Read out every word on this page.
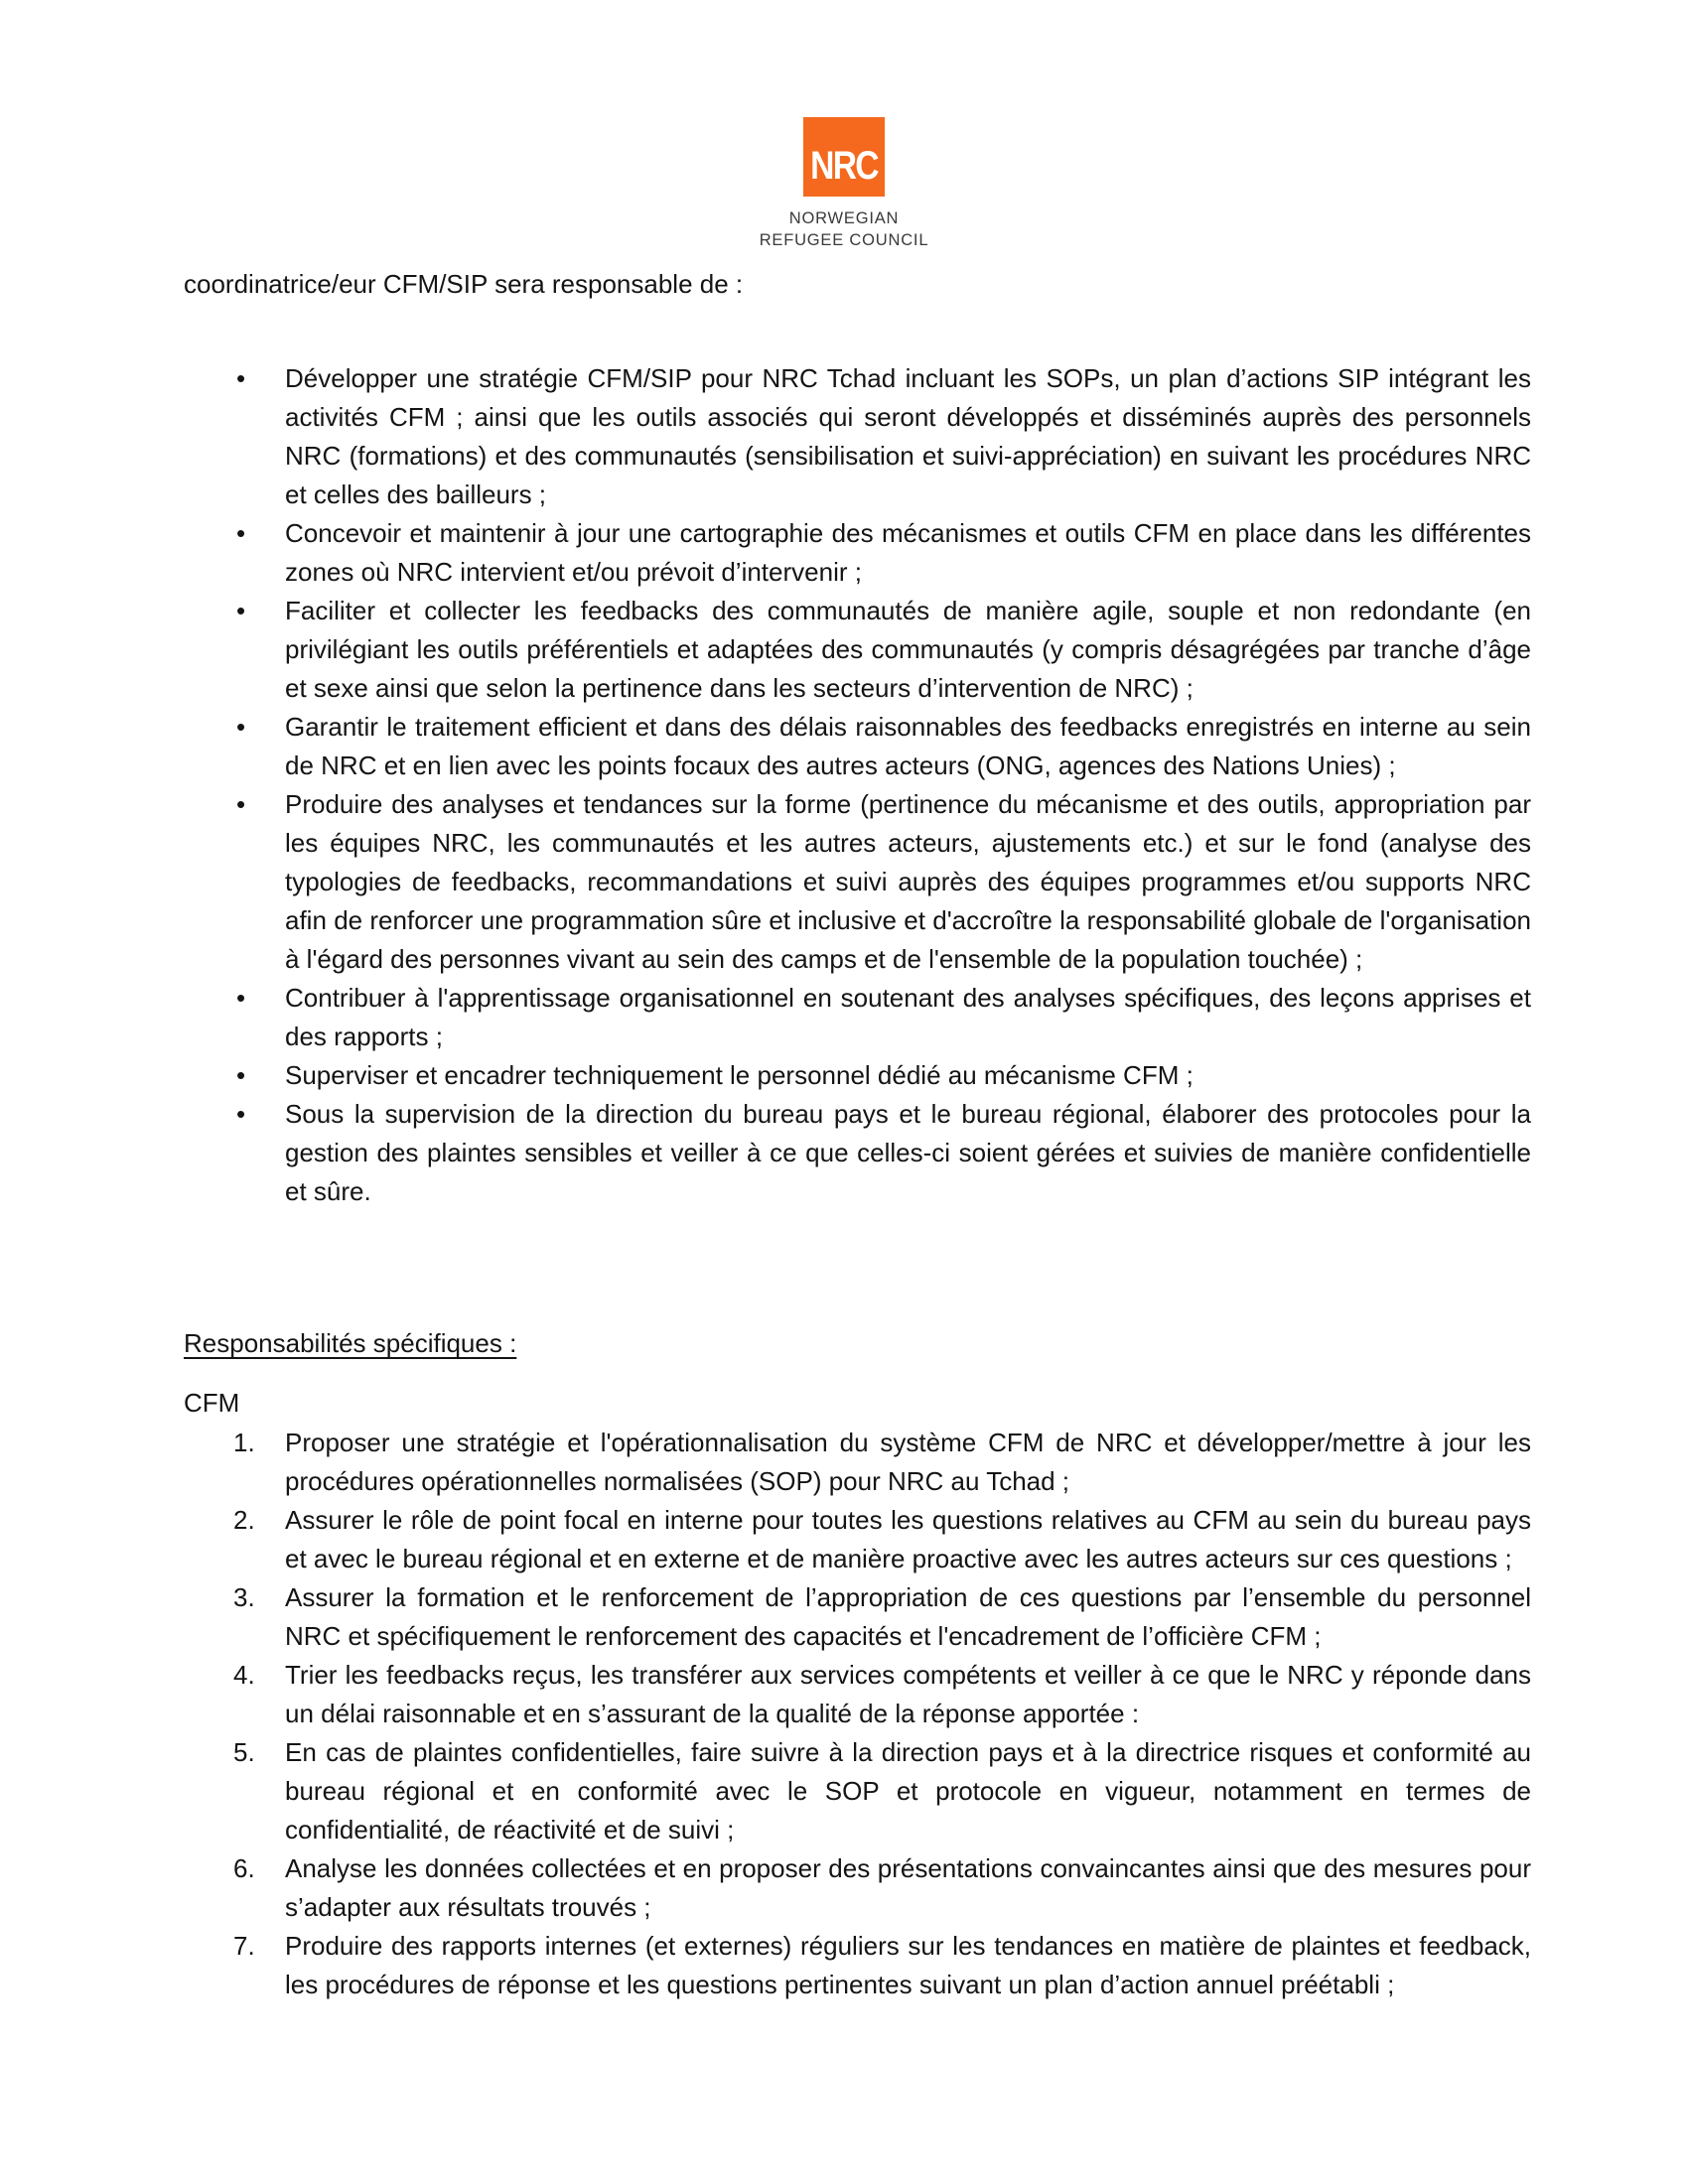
NRC
NORWEGIAN
REFUGEE COUNCIL

coordinatrice/eur CFM/SIP sera responsable de :

• Développer une stratégie CFM/SIP pour NRC Tchad incluant les SOPs, un plan d’actions SIP intégrant les activités CFM ; ainsi que les outils associés qui seront développés et disséminés auprès des personnels NRC (formations) et des communautés (sensibilisation et suivi-appréciation) en suivant les procédures NRC et celles des bailleurs ;
• Concevoir et maintenir à jour une cartographie des mécanismes et outils CFM en place dans les différentes zones où NRC intervient et/ou prévoit d’intervenir ;
• Faciliter et collecter les feedbacks des communautés de manière agile, souple et non redondante (en privilégiant les outils préférentiels et adaptées des communautés (y compris désagrégées par tranche d’âge et sexe ainsi que selon la pertinence dans les secteurs d’intervention de NRC) ;
• Garantir le traitement efficient et dans des délais raisonnables des feedbacks enregistrés en interne au sein de NRC et en lien avec les points focaux des autres acteurs (ONG, agences des Nations Unies) ;
• Produire des analyses et tendances sur la forme (pertinence du mécanisme et des outils, appropriation par les équipes NRC, les communautés et les autres acteurs, ajustements etc.) et sur le fond (analyse des typologies de feedbacks, recommandations et suivi auprès des équipes programmes et/ou supports NRC afin de renforcer une programmation sûre et inclusive et d'accroître la responsabilité globale de l'organisation à l'égard des personnes vivant au sein des camps et de l'ensemble de la population touchée) ;
• Contribuer à l'apprentissage organisationnel en soutenant des analyses spécifiques, des leçons apprises et des rapports ;
• Superviser et encadrer techniquement le personnel dédié au mécanisme CFM ;
• Sous la supervision de la direction du bureau pays et le bureau régional, élaborer des protocoles pour la gestion des plaintes sensibles et veiller à ce que celles-ci soient gérées et suivies de manière confidentielle et sûre.
Responsabilités spécifiques :

CFM

Proposer une stratégie et l'opérationnalisation du système CFM de NRC et développer/mettre à jour les procédures opérationnelles normalisées (SOP) pour NRC au Tchad ;
Assurer le rôle de point focal en interne pour toutes les questions relatives au CFM au sein du bureau pays et avec le bureau régional et en externe et de manière proactive avec les autres acteurs sur ces questions ;
Assurer la formation et le renforcement de l’appropriation de ces questions par l’ensemble du personnel NRC et spécifiquement le renforcement des capacités et l'encadrement de l’officière CFM ;
Trier les feedbacks reçus, les transférer aux services compétents et veiller à ce que le NRC y réponde dans un délai raisonnable et en s’assurant de la qualité de la réponse apportée :
En cas de plaintes confidentielles, faire suivre à la direction pays et à la directrice risques et conformité au bureau régional et en conformité avec le SOP et protocole en vigueur, notamment en termes de confidentialité, de réactivité et de suivi ;
Analyse les données collectées et en proposer des présentations convaincantes ainsi que des mesures pour s’adapter aux résultats trouvés ;
Produire des rapports internes (et externes) réguliers sur les tendances en matière de plaintes et feedback, les procédures de réponse et les questions pertinentes suivant un plan d’action annuel préétabli ;
